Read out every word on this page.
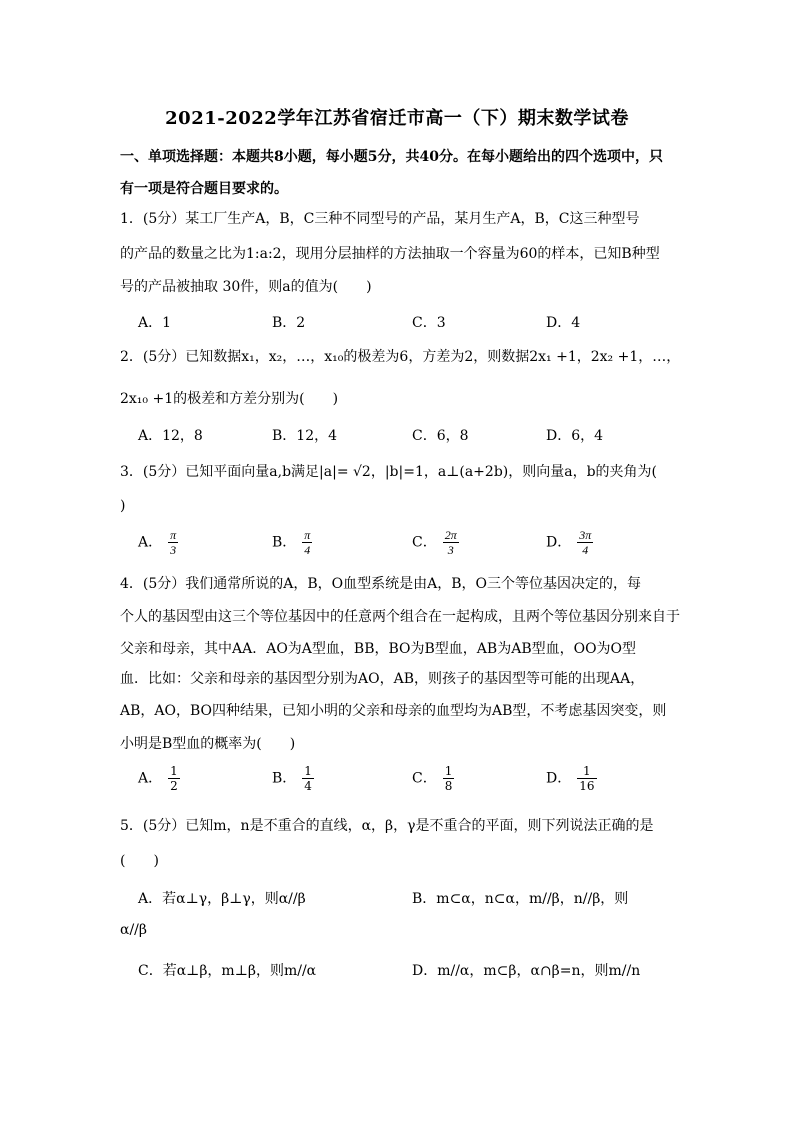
2021-2022学年江苏省宿迁市高一（下）期末数学试卷
一、单项选择题：本题共8小题，每小题5分，共40分。在每小题给出的四个选项中，只
有一项是符合题目要求的。
1．(5分）某工厂生产A，B，C三种不同型号的产品，某月生产A，B，C这三种型号
的产品的数量之比为1:a:2，现用分层抽样的方法抽取一个容量为60的样本，已知B种型
号的产品被抽取 30件，则a的值为(　　)
A．1	B．2	C．3	D．4
2．(5分）已知数据x₁，x₂，…，x₁₀的极差为6，方差为2，则数据2x₁ +1，2x₂ +1，…，
2x₁₀ +1的极差和方差分别为(　　)
A．12，8	B．12，4	C．6，8	D．6，4
3．(5分）已知平面向量a,b满足|a|= √2，|b|=1，a⊥(a+2b)，则向量a，b的夹角为(
)
A． $\frac{\pi}{3}$	B． $\frac{\pi}{4}$	C． $\frac{2\pi}{3}$	D． $\frac{3\pi}{4}$
4．(5分）我们通常所说的A，B，O血型系统是由A，B，O三个等位基因决定的，每
个人的基因型由这三个等位基因中的任意两个组合在一起构成，且两个等位基因分别来自于
父亲和母亲，其中AA．AO为A型血，BB，BO为B型血，AB为AB型血，OO为O型
血．比如：父亲和母亲的基因型分别为AO，AB，则孩子的基因型等可能的出现AA，
AB，AO，BO四种结果，已知小明的父亲和母亲的血型均为AB型，不考虑基因突变，则
小明是B型血的概率为(　　)
A． $\frac{1}{2}$	B． $\frac{1}{4}$	C． $\frac{1}{8}$	D． $\frac{1}{16}$
5．(5分）已知m，n是不重合的直线，α，β，γ是不重合的平面，则下列说法正确的是
(　　)
A．若α⊥γ，β⊥γ，则α//β	B．m⊂α，n⊂α，m//β，n//β，则
α//β
C．若α⊥β，m⊥β，则m//α	D．m//α，m⊂β，α∩β=n，则m//n
